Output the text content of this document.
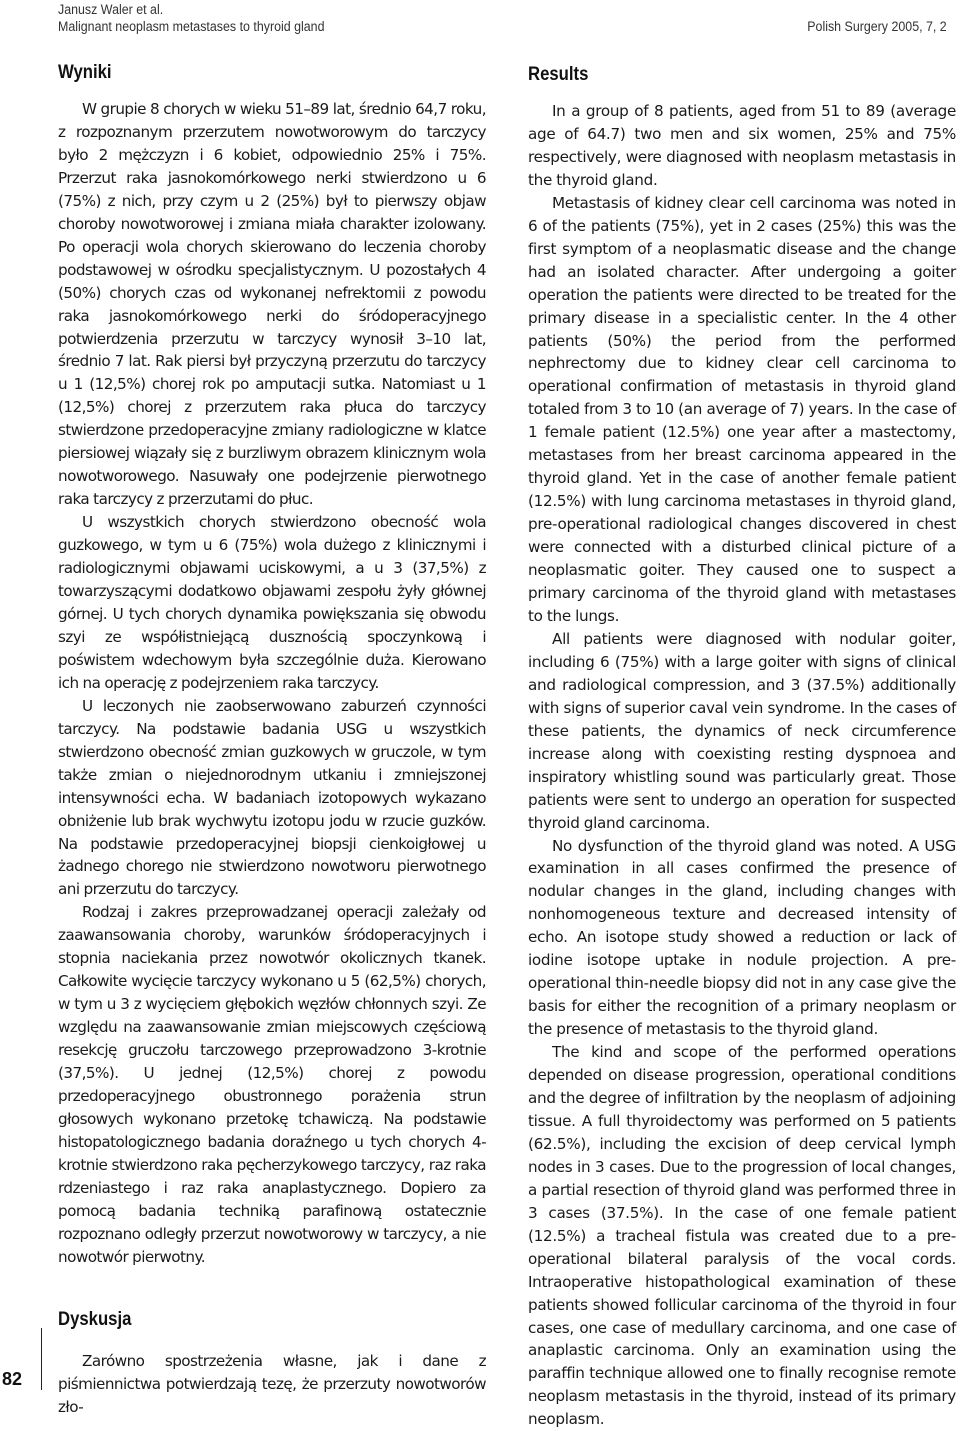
Janusz Waler et al.
Malignant neoplasm metastases to thyroid gland	Polish Surgery 2005, 7, 2
Wyniki

W grupie 8 chorych w wieku 51–89 lat, średnio 64,7 roku, z rozpoznanym przerzutem nowotworowym do tarczycy było 2 mężczyzn i 6 kobiet, odpowiednio 25% i 75%. Przerzut raka jasnokomórkowego nerki stwierdzono u 6 (75%) z nich, przy czym u 2 (25%) był to pierwszy objaw choroby nowotworowej i zmiana miała charakter izolowany. Po operacji wola chorych skierowano do leczenia choroby podstawowej w ośrodku specjalistycznym. U pozostałych 4 (50%) chorych czas od wykonanej nefrektomii z powodu raka jasnokomórkowego nerki do śródoperacyjnego potwierdzenia przerzutu w tarczycy wynosił 3–10 lat, średnio 7 lat. Rak piersi był przyczyną przerzutu do tarczycy u 1 (12,5%) chorej rok po amputacji sutka. Natomiast u 1 (12,5%) chorej z przerzutem raka płuca do tarczycy stwierdzone przedoperacyjne zmiany radiologiczne w klatce piersiowej wiązały się z burzliwym obrazem klinicznym wola nowotworowego. Nasuwały one podejrzenie pierwotnego raka tarczycy z przerzutami do płuc.

U wszystkich chorych stwierdzono obecność wola guzkowego, w tym u 6 (75%) wola dużego z klinicznymi i radiologicznymi objawami uciskowymi, a u 3 (37,5%) z towarzyszącymi dodatkowo objawami zespołu żyły głównej górnej. U tych chorych dynamika powiększania się obwodu szyi ze współistniejącą dusznością spoczynkową i poświstem wdechowym była szczególnie duża. Kierowano ich na operację z podejrzeniem raka tarczycy.

U leczonych nie zaobserwowano zaburzeń czynności tarczycy. Na podstawie badania USG u wszystkich stwierdzono obecność zmian guzkowych w gruczole, w tym także zmian o niejednorodnym utkaniu i zmniejszonej intensywności echa. W badaniach izotopowych wykazano obniżenie lub brak wychwytu izotopu jodu w rzucie guzków. Na podstawie przedoperacyjnej biopsji cienkoigłowej u żadnego chorego nie stwierdzono nowotworu pierwotnego ani przerzutu do tarczycy.

Rodzaj i zakres przeprowadzanej operacji zależały od zaawansowania choroby, warunków śródoperacyjnych i stopnia naciekania przez nowotwór okolicznych tkanek. Całkowite wycięcie tarczycy wykonano u 5 (62,5%) chorych, w tym u 3 z wycięciem głębokich węzłów chłonnych szyi. Ze względu na zaawansowanie zmian miejscowych częściową resekcję gruczołu tarczowego przeprowadzono 3-krotnie (37,5%). U jednej (12,5%) chorej z powodu przedoperacyjnego obustronnego porażenia strun głosowych wykonano przetokę tchawiczą. Na podstawie histopatologicznego badania doraźnego u tych chorych 4-krotnie stwierdzono raka pęcherzykowego tarczycy, raz raka rdzeniastego i raz raka anaplastycznego. Dopiero za pomocą badania techniką parafinową ostatecznie rozpoznano odległy przerzut nowotworowy w tarczycy, a nie nowotwór pierwotny.

Dyskusja

Zarówno spostrzeżenia własne, jak i dane z piśmiennictwa potwierdzają tezę, że przerzuty nowotworów zło-

Results

In a group of 8 patients, aged from 51 to 89 (average age of 64.7) two men and six women, 25% and 75% respectively, were diagnosed with neoplasm metastasis in the thyroid gland.

Metastasis of kidney clear cell carcinoma was noted in 6 of the patients (75%), yet in 2 cases (25%) this was the first symptom of a neoplasmatic disease and the change had an isolated character. After undergoing a goiter operation the patients were directed to be treated for the primary disease in a specialistic center. In the 4 other patients (50%) the period from the performed nephrectomy due to kidney clear cell carcinoma to operational confirmation of metastasis in thyroid gland totaled from 3 to 10 (an average of 7) years. In the case of 1 female patient (12.5%) one year after a mastectomy, metastases from her breast carcinoma appeared in the thyroid gland. Yet in the case of another female patient (12.5%) with lung carcinoma metastases in thyroid gland, pre-operational radiological changes discovered in chest were connected with a disturbed clinical picture of a neoplasmatic goiter. They caused one to suspect a primary carcinoma of the thyroid gland with metastases to the lungs.

All patients were diagnosed with nodular goiter, including 6 (75%) with a large goiter with signs of clinical and radiological compression, and 3 (37.5%) additionally with signs of superior caval vein syndrome. In the cases of these patients, the dynamics of neck circumference increase along with coexisting resting dyspnoea and inspiratory whistling sound was particularly great. Those patients were sent to undergo an operation for suspected thyroid gland carcinoma.

No dysfunction of the thyroid gland was noted. A USG examination in all cases confirmed the presence of nodular changes in the gland, including changes with nonhomogeneous texture and decreased intensity of echo. An isotope study showed a reduction or lack of iodine isotope uptake in nodule projection. A pre-operational thin-needle biopsy did not in any case give the basis for either the recognition of a primary neoplasm or the presence of metastasis to the thyroid gland.

The kind and scope of the performed operations depended on disease progression, operational conditions and the degree of infiltration by the neoplasm of adjoining tissue. A full thyroidectomy was performed on 5 patients (62.5%), including the excision of deep cervical lymph nodes in 3 cases. Due to the progression of local changes, a partial resection of thyroid gland was performed three in 3 cases (37.5%). In the case of one female patient (12.5%) a tracheal fistula was created due to a pre-operational bilateral paralysis of the vocal cords. Intraoperative histopathological examination of these patients showed follicular carcinoma of the thyroid in four cases, one case of medullary carcinoma, and one case of anaplastic carcinoma. Only an examination using the paraffin technique allowed one to finally recognise remote neoplasm metastasis in the thyroid, instead of its primary neoplasm.

82
